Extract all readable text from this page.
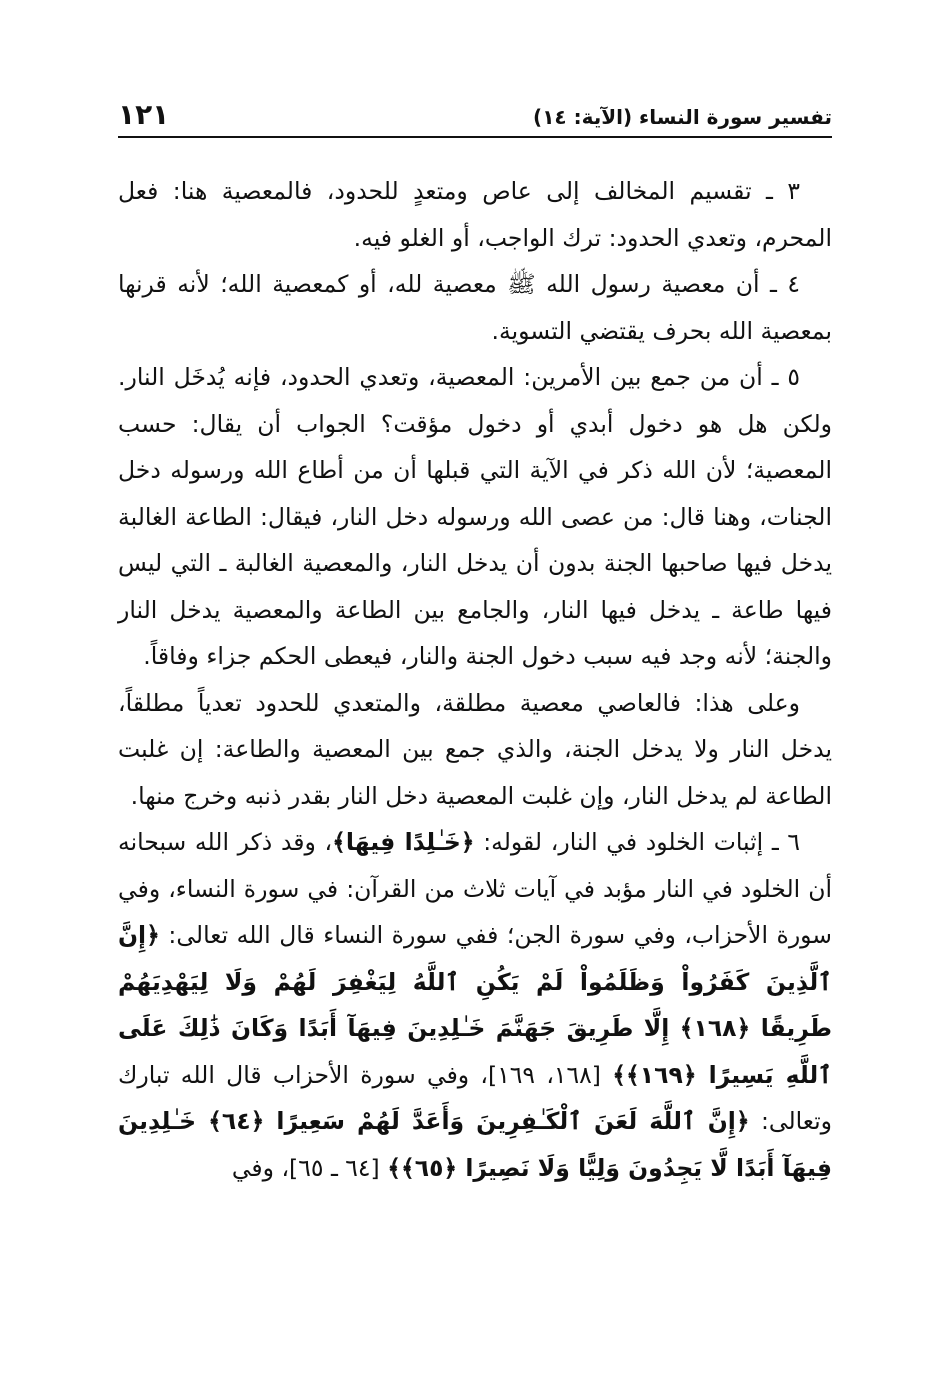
تفسير سورة النساء (الآية: ١٤)
١٢١

٣ ـ تقسيم المخالف إلى عاص ومتعدٍ للحدود، فالمعصية هنا: فعل المحرم، وتعدي الحدود: ترك الواجب، أو الغلو فيه.

٤ ـ أن معصية رسول الله ﷺ معصية لله، أو كمعصية الله؛ لأنه قرنها بمعصية الله بحرف يقتضي التسوية.

٥ ـ أن من جمع بين الأمرين: المعصية، وتعدي الحدود، فإنه يُدخَل النار. ولكن هل هو دخول أبدي أو دخول مؤقت؟ الجواب أن يقال: حسب المعصية؛ لأن الله ذكر في الآية التي قبلها أن من أطاع الله ورسوله دخل الجنات، وهنا قال: من عصى الله ورسوله دخل النار، فيقال: الطاعة الغالبة يدخل فيها صاحبها الجنة بدون أن يدخل النار، والمعصية الغالبة ـ التي ليس فيها طاعة ـ يدخل فيها النار، والجامع بين الطاعة والمعصية يدخل النار والجنة؛ لأنه وجد فيه سبب دخول الجنة والنار، فيعطى الحكم جزاء وفاقاً.

وعلى هذا: فالعاصي معصية مطلقة، والمتعدي للحدود تعدياً مطلقاً، يدخل النار ولا يدخل الجنة، والذي جمع بين المعصية والطاعة: إن غلبت الطاعة لم يدخل النار، وإن غلبت المعصية دخل النار بقدر ذنبه وخرج منها.

٦ ـ إثبات الخلود في النار، لقوله: ﴿خَـٰلِدًا فِيهَا﴾، وقد ذكر الله سبحانه أن الخلود في النار مؤبد في آيات ثلاث من القرآن: في سورة النساء، وفي سورة الأحزاب، وفي سورة الجن؛ ففي سورة النساء قال الله تعالى: ﴿إِنَّ ٱلَّذِينَ كَفَرُواْ وَظَلَمُواْ لَمْ يَكُنِ ٱللَّهُ لِيَغْفِرَ لَهُمْ وَلَا لِيَهْدِيَهُمْ طَرِيقًا ﴿١٦٨﴾ إِلَّا طَرِيقَ جَهَنَّمَ خَـٰلِدِينَ فِيهَآ أَبَدًا وَكَانَ ذَٰلِكَ عَلَى ٱللَّهِ يَسِيرًا ﴿١٦٩﴾﴾ [١٦٨، ١٦٩]، وفي سورة الأحزاب قال الله تبارك وتعالى: ﴿إِنَّ ٱللَّهَ لَعَنَ ٱلْكَـٰفِرِينَ وَأَعَدَّ لَهُمْ سَعِيرًا ﴿٦٤﴾ خَـٰلِدِينَ فِيهَآ أَبَدًا لَّا يَجِدُونَ وَلِيًّا وَلَا نَصِيرًا ﴿٦٥﴾﴾ [٦٤ ـ ٦٥]، وفي
